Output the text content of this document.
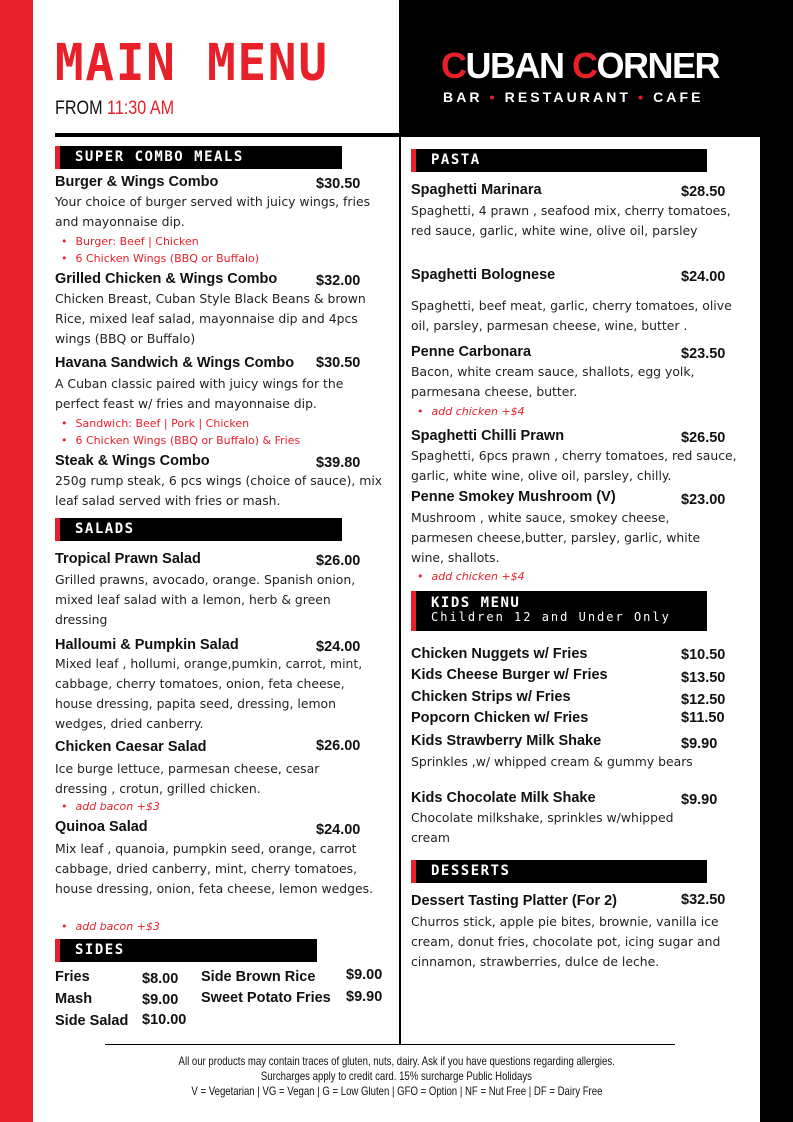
MAIN MENU
FROM 11:30 AM
CUBAN CORNER
BAR • RESTAURANT • CAFE
SUPER COMBO MEALS
Burger & Wings Combo	$30.50
Your choice of burger served with juicy wings, fries and mayonnaise dip.
• Burger: Beef | Chicken
• 6 Chicken Wings (BBQ or Buffalo)
Grilled Chicken & Wings Combo	$32.00
Chicken Breast, Cuban Style Black Beans & brown Rice, mixed leaf salad, mayonnaise dip and 4pcs wings (BBQ or Buffalo)
Havana Sandwich & Wings Combo $30.50
A Cuban classic paired with juicy wings for the perfect feast w/ fries and mayonnaise dip.
• Sandwich: Beef | Pork | Chicken
• 6 Chicken Wings (BBQ or Buffalo) & Fries
Steak & Wings Combo	$39.80
250g rump steak, 6 pcs wings (choice of sauce), mix leaf salad served with fries or mash.
SALADS
Tropical Prawn Salad	$26.00
Grilled prawns, avocado, orange. Spanish onion, mixed leaf salad with a lemon, herb & green dressing
Halloumi & Pumpkin Salad	$24.00
Mixed leaf , hollumi, orange,pumkin, carrot, mint, cabbage, cherry tomatoes, onion, feta cheese, house dressing, papita seed, dressing, lemon wedges, dried canberry.
Chicken Caesar Salad	$26.00
Ice burge lettuce, parmesan cheese, cesar dressing , crotun, grilled chicken.
• add bacon +$3
Quinoa Salad	$24.00
Mix leaf , quanoia, pumpkin seed, orange, carrot cabbage, dried canberry, mint, cherry tomatoes, house dressing, onion, feta cheese, lemon wedges.
• add bacon +$3
SIDES
Fries	$8.00
Mash	$9.00
Side Salad $10.00
Side Brown Rice $9.00
Sweet Potato Fries $9.90
PASTA
Spaghetti Marinara	$28.50
Spaghetti, 4 prawn , seafood mix, cherry tomatoes, red sauce, garlic, white wine, olive oil, parsley
Spaghetti Bolognese	$24.00
Spaghetti, beef meat, garlic, cherry tomatoes, olive oil, parsley, parmesan cheese, wine, butter .
Penne Carbonara	$23.50
Bacon, white cream sauce, shallots, egg yolk, parmesana cheese, butter.
• add chicken +$4
Spaghetti Chilli Prawn	$26.50
Spaghetti, 6pcs prawn , cherry tomatoes, red sauce, garlic, white wine, olive oil, parsley, chilly.
Penne Smokey Mushroom (V)	$23.00
Mushroom , white sauce, smokey cheese, parmesen cheese,butter, parsley, garlic, white wine, shallots.
• add chicken +$4
KIDS MENU
Children 12 and Under Only
Chicken Nuggets w/ Fries	$10.50
Kids Cheese Burger w/ Fries	$13.50
Chicken Strips w/ Fries	$12.50
Popcorn Chicken w/ Fries	$11.50
Kids Strawberry Milk Shake	$9.90
Sprinkles ,w/ whipped cream & gummy bears
Kids Chocolate Milk Shake	$9.90
Chocolate milkshake, sprinkles w/whipped cream
DESSERTS
Dessert Tasting Platter (For 2)	$32.50
Churros stick, apple pie bites, brownie, vanilla ice cream, donut fries, chocolate pot, icing sugar and cinnamon, strawberries, dulce de leche.
All our products may contain traces of gluten, nuts, dairy. Ask if you have questions regarding allergies.
Surcharges apply to credit card. 15% surcharge Public Holidays
V = Vegetarian | VG = Vegan | G = Low Gluten | GFO = Option | NF = Nut Free | DF = Dairy Free
